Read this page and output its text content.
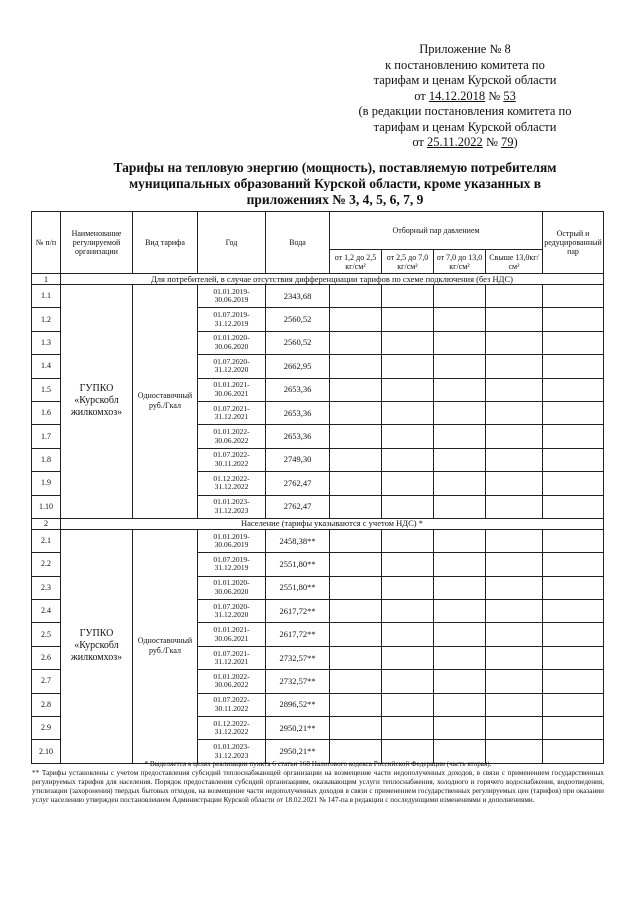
Приложение № 8
к постановлению комитета по
тарифам и ценам Курской области
от 14.12.2018 № 53
(в редакции постановления комитета по
тарифам и ценам Курской области
от 25.11.2022 № 79)
Тарифы на тепловую энергию (мощность), поставляемую потребителям
муниципальных образований Курской области, кроме указанных в
приложениях № 3, 4, 5, 6, 7, 9
№ п/п	Наименование регулируемой организации	Вид тарифа	Год	Вода	Отборный пар давлением				Острый и редуцированный пар
					от 1,2 до 2,5 кг/см²	от 2,5 до 7,0 кг/см²	от 7,0 до 13,0 кг/см²	Свыше 13,0кг/см²	
1	Для потребителей, в случае отсутствия дифференциации тарифов по схеме подключения (без НДС)								
1.1	ГУПКО «Курскобл жилкомхоз»	Одноставочный руб./Гкал	01.01.2019-30.06.2019	2343,68					
1.2			01.07.2019-31.12.2019	2560,52					
1.3			01.01.2020-30.06.2020	2560,52					
1.4			01.07.2020-31.12.2020	2662,95					
1.5			01.01.2021-30.06.2021	2653,36					
1.6			01.07.2021-31.12.2021	2653,36					
1.7			01.01.2022-30.06.2022	2653,36					
1.8			01.07.2022-30.11.2022	2749,30					
1.9			01.12.2022-31.12.2022	2762,47					
1.10			01.01.2023-31.12.2023	2762,47					
2	Население (тарифы указываются с учетом НДС) *								
2.1	ГУПКО «Курскобл жилкомхоз»	Одноставочный руб./Гкал	01.01.2019-30.06.2019	2458,38**					
2.2			01.07.2019-31.12.2019	2551,80**					
2.3			01.01.2020-30.06.2020	2551,80**					
2.4			01.07.2020-31.12.2020	2617,72**					
2.5			01.01.2021-30.06.2021	2617,72**					
2.6			01.07.2021-31.12.2021	2732,57**					
2.7			01.01.2022-30.06.2022	2732,57**					
2.8			01.07.2022-30.11.2022	2896,52**					
2.9			01.12.2022-31.12.2022	2950,21**					
2.10			01.01.2023-31.12.2023	2950,21**					

* Выделяется в целях реализации пункта 6 статьи 168 Налогового кодекса Российской Федерации (часть вторая).

** Тарифы установлены с учетом предоставления субсидий теплоснабжающей организации на возмещение части недополученных доходов, в связи с применением государственных регулируемых тарифов для населения. Порядок предоставления субсидий организациям, оказывающим услуги теплоснабжения, холодного и горячего водоснабжения, водоотведения, утилизации (захоронения) твердых бытовых отходов, на возмещение части недополученных доходов в связи с применением государственных регулируемых цен (тарифов) при оказании услуг населению утвержден постановлением Администрации Курской области от 18.02.2021 № 147-па в редакции с последующими изменениями и дополнениями.
